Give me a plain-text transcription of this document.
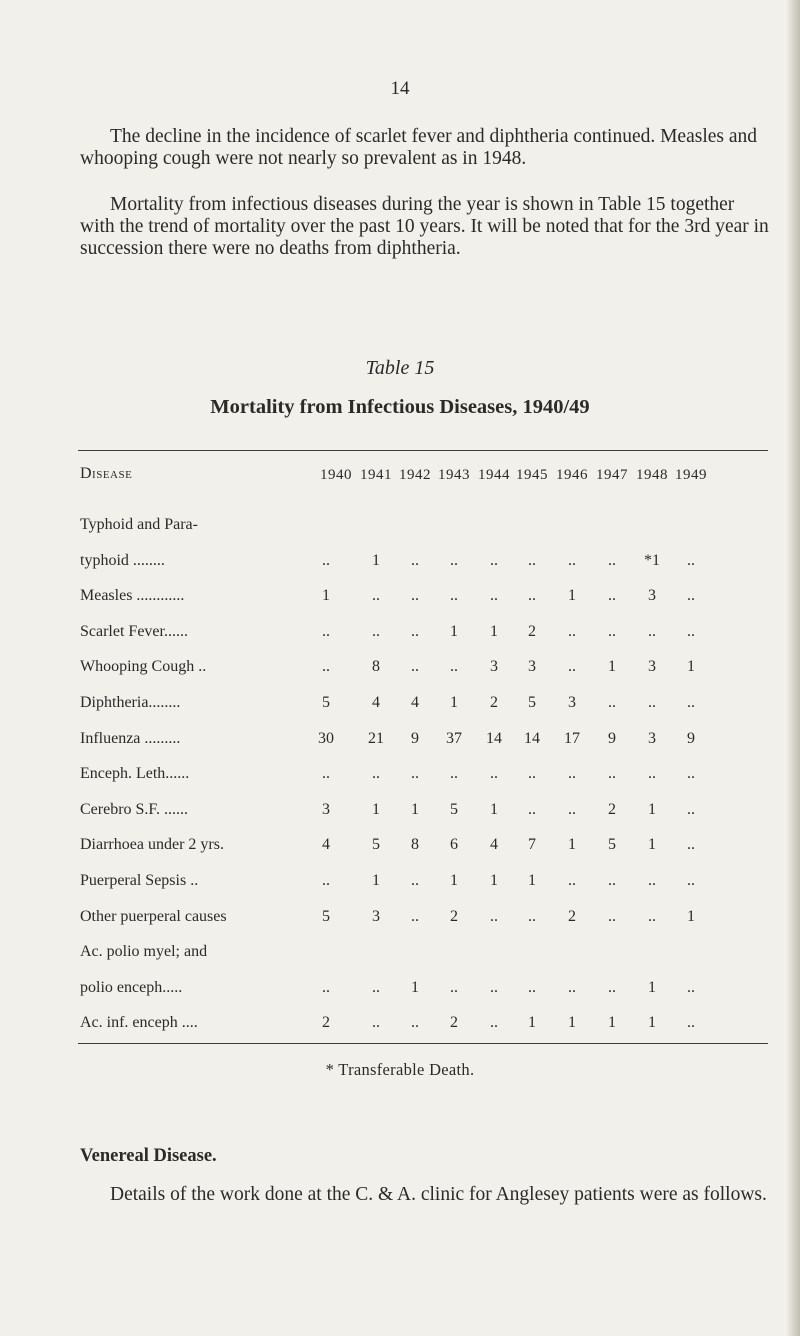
14

The decline in the incidence of scarlet fever and diphtheria continued. Measles and whooping cough were not nearly so prevalent as in 1948.

Mortality from infectious diseases during the year is shown in Table 15 together with the trend of mortality over the past 10 years. It will be noted that for the 3rd year in succession there were no deaths from diphtheria.

Table 15
Mortality from Infectious Diseases, 1940/49
Disease	1940 1941 1942 1943 1944 1945 1946 1947 1948 1949
Typhoid and Para-
typhoid ........	..	1	..	..	..	..	..	..	*1	..
Measles ............	1	..	..	..	..	..	1	..	3	..
Scarlet Fever......	..	..	..	1	1	2	..	..	..	..
Whooping Cough ..	..	8	..	..	3	3	..	1	3	1
Diphtheria........	5	4	4	1	2	5	3	..	..	..
Influenza .........	30	21	9	37	14	14	17	9	3	9
Enceph. Leth......	..	..	..	..	..	..	..	..	..	..
Cerebro S.F. ......	3	1	1	5	1	..	..	2	1	..
Diarrhoea under 2 yrs.	4	5	8	6	4	7	1	5	1	..
Puerperal Sepsis ..	..	1	..	1	1	1	..	..	..	..
Other puerperal causes	5	3	..	2	..	..	2	..	..	1
Ac. polio myel; and
polio enceph.....	..	..	1	..	..	..	..	..	1	..
Ac. inf. enceph ....	2	..	..	2	..	1	1	1	1	..
* Transferable Death.
Venereal Disease.

Details of the work done at the C. & A. clinic for Anglesey patients were as follows.
